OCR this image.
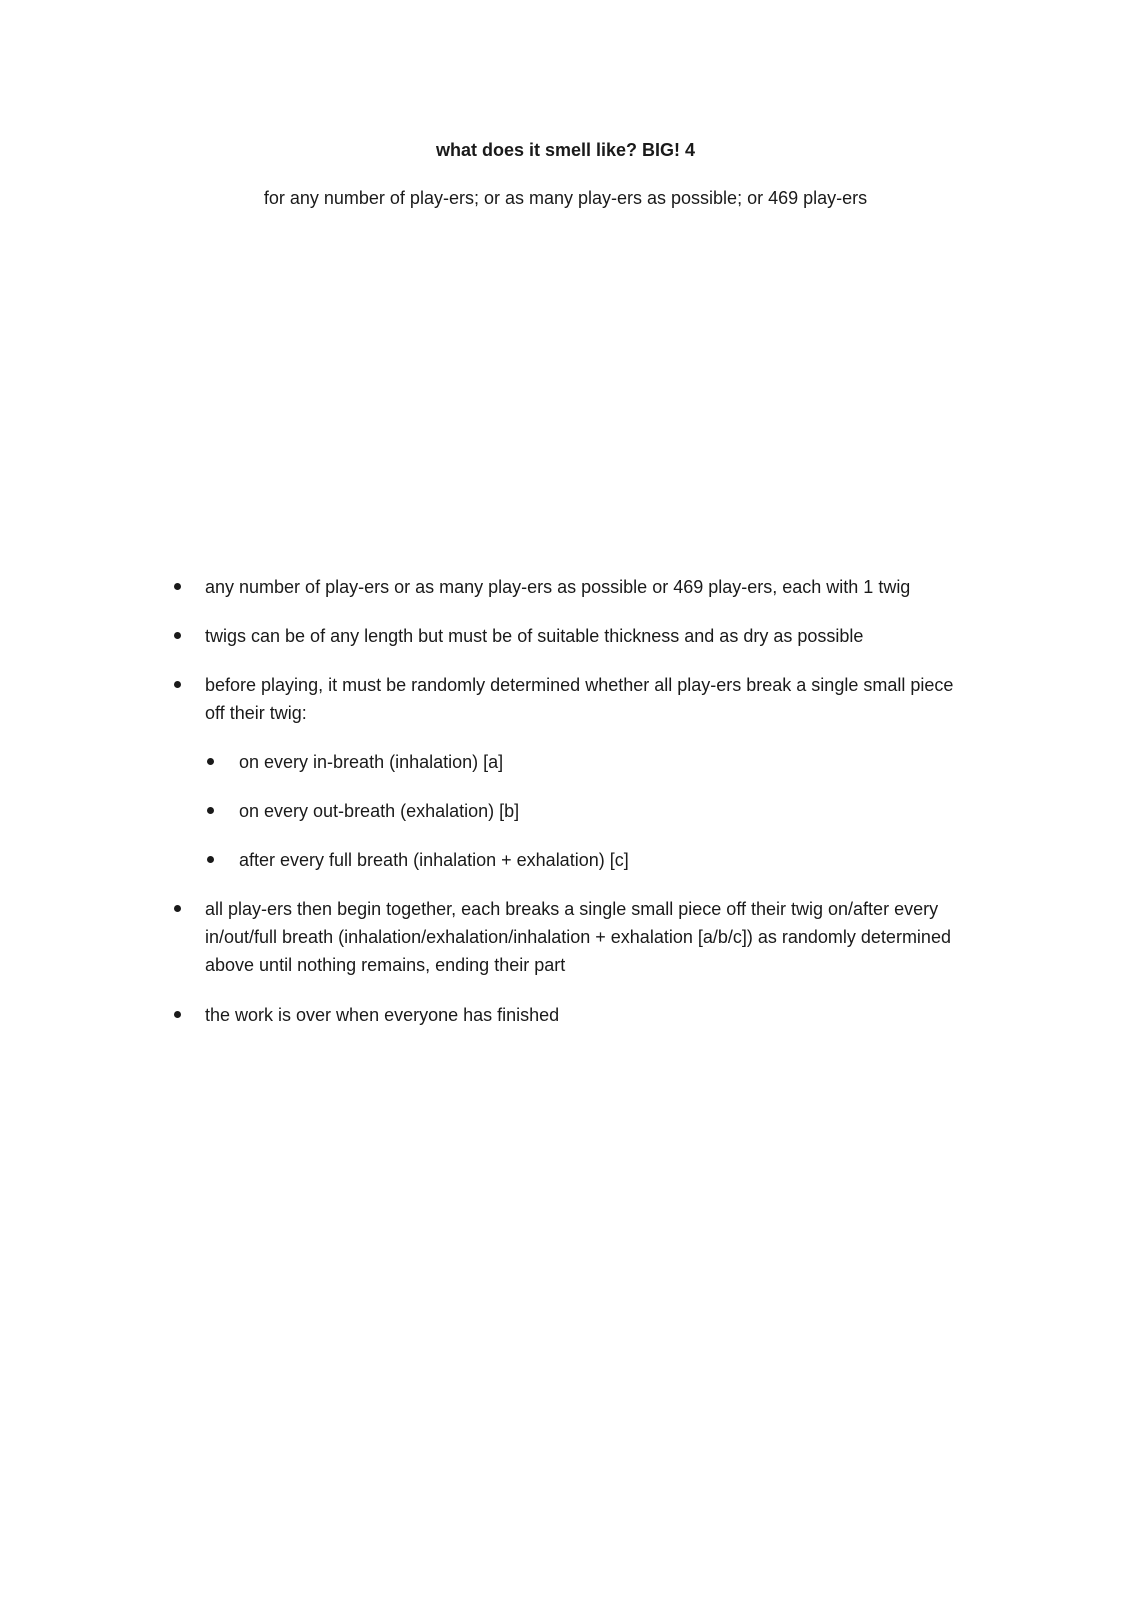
what does it smell like? BIG! 4
for any number of play-ers; or as many play-ers as possible; or 469 play-ers
any number of play-ers or as many play-ers as possible or 469 play-ers, each with 1 twig
twigs can be of any length but must be of suitable thickness and as dry as possible
before playing, it must be randomly determined whether all play-ers break a single small piece off their twig:
on every in-breath (inhalation) [a]
on every out-breath (exhalation) [b]
after every full breath (inhalation + exhalation) [c]
all play-ers then begin together, each breaks a single small piece off their twig on/after every in/out/full breath (inhalation/exhalation/inhalation + exhalation [a/b/c]) as randomly determined above until nothing remains, ending their part
the work is over when everyone has finished
